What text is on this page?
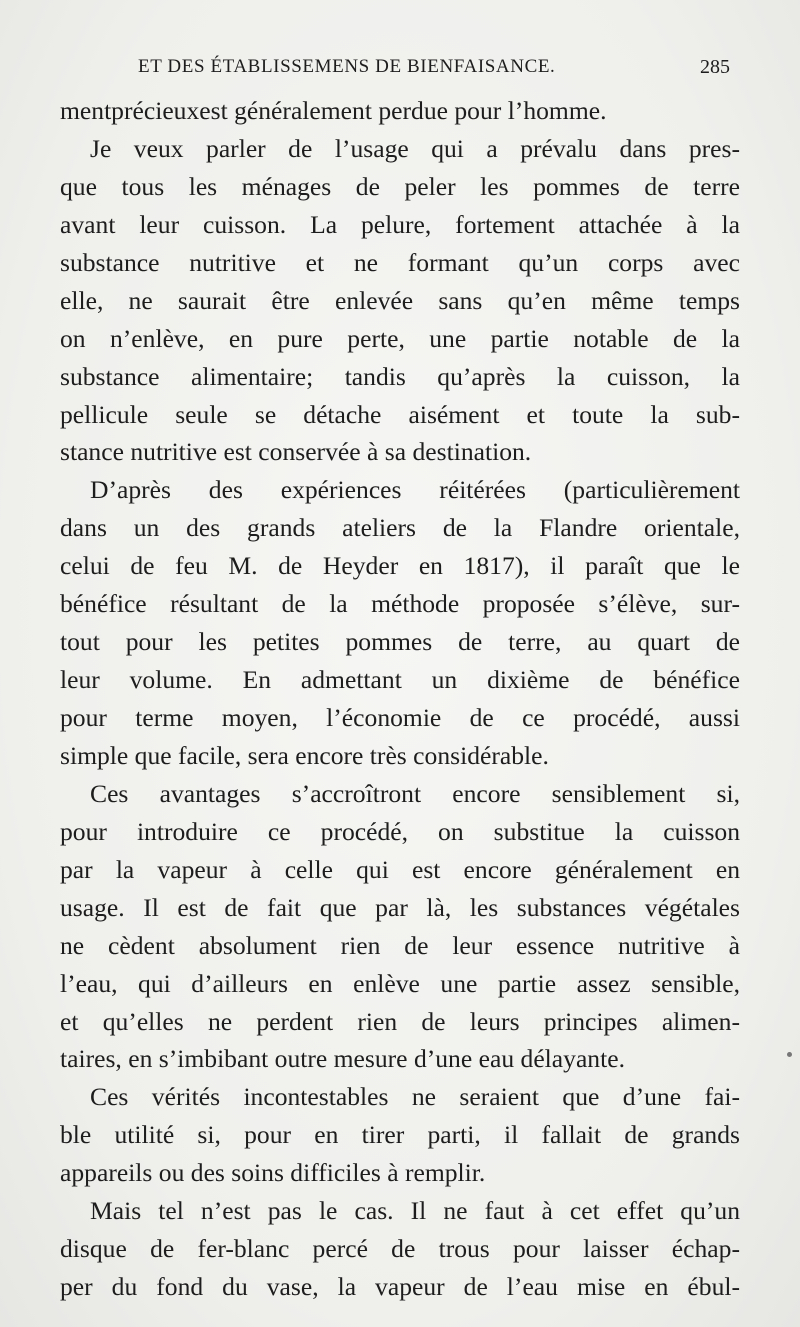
ET DES ÉTABLISSEMENS DE BIENFAISANCE.	285
mentprécieuxest généralement perdue pour l’homme.
Je veux parler de l’usage qui a prévalu dans pres-
que tous les ménages de peler les pommes de terre
avant leur cuisson. La pelure, fortement attachée à la
substance nutritive et ne formant qu’un corps avec
elle, ne saurait être enlevée sans qu’en même temps
on n’enlève, en pure perte, une partie notable de la
substance alimentaire; tandis qu’après la cuisson, la
pellicule seule se détache aisément et toute la sub-
stance nutritive est conservée à sa destination.
D’après des expériences réitérées (particulièrement
dans un des grands ateliers de la Flandre orientale,
celui de feu M. de Heyder en 1817), il paraît que le
bénéfice résultant de la méthode proposée s’élève, sur-
tout pour les petites pommes de terre, au quart de
leur volume. En admettant un dixième de bénéfice
pour terme moyen, l’économie de ce procédé, aussi
simple que facile, sera encore très considérable.
Ces avantages s’accroîtront encore sensiblement si,
pour introduire ce procédé, on substitue la cuisson
par la vapeur à celle qui est encore généralement en
usage. Il est de fait que par là, les substances végétales
ne cèdent absolument rien de leur essence nutritive à
l’eau, qui d’ailleurs en enlève une partie assez sensible,
et qu’elles ne perdent rien de leurs principes alimen-
taires, en s’imbibant outre mesure d’une eau délayante.
Ces vérités incontestables ne seraient que d’une fai-
ble utilité si, pour en tirer parti, il fallait de grands
appareils ou des soins difficiles à remplir.
Mais tel n’est pas le cas. Il ne faut à cet effet qu’un
disque de fer-blanc percé de trous pour laisser échap-
per du fond du vase, la vapeur de l’eau mise en ébul-
